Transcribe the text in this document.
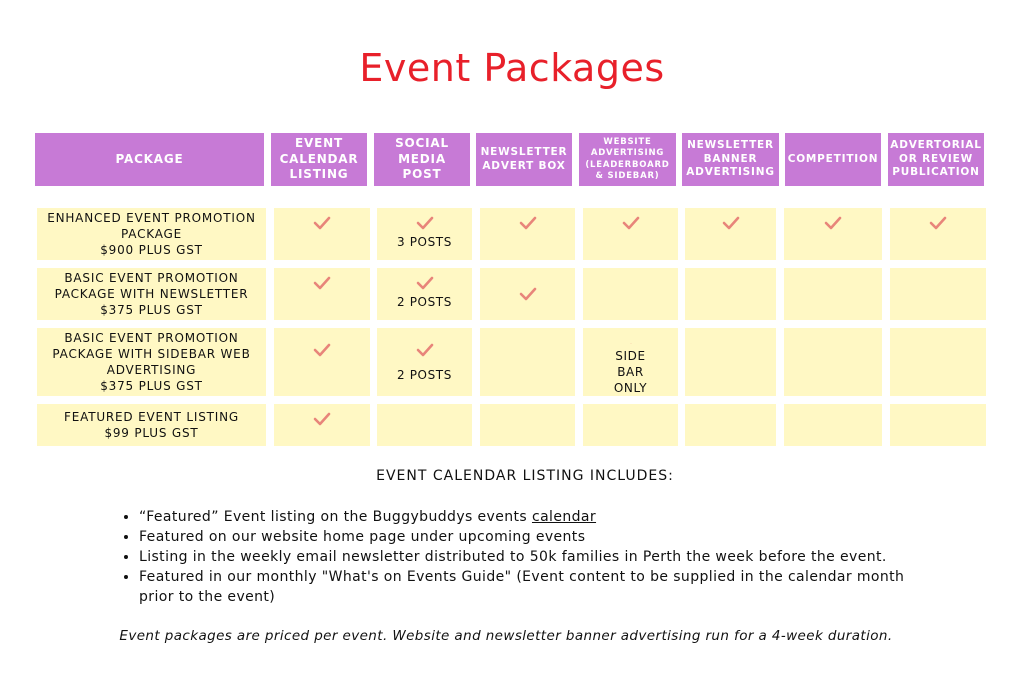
Event Packages
PACKAGE
EVENT CALENDAR LISTING
SOCIAL MEDIA POST
NEWSLETTER ADVERT BOX
WEBSITE ADVERTISING (LEADERBOARD & SIDEBAR)
NEWSLETTER BANNER ADVERTISING
COMPETITION
ADVERTORIAL OR REVIEW PUBLICATION
ENHANCED EVENT PROMOTION PACKAGE
$900 PLUS GST
3 POSTS
BASIC EVENT PROMOTION PACKAGE WITH NEWSLETTER
$375 PLUS GST
2 POSTS
BASIC EVENT PROMOTION PACKAGE WITH SIDEBAR WEB ADVERTISING
$375 PLUS GST
2 POSTS
SIDE BAR ONLY
FEATURED EVENT LISTING
$99 PLUS GST
EVENT CALENDAR LISTING INCLUDES:
• “Featured” Event listing on the Buggybuddys events calendar
• Featured on our website home page under upcoming events
• Listing in the weekly email newsletter distributed to 50k families in Perth the week before the event.
• Featured in our monthly "What's on Events Guide" (Event content to be supplied in the calendar month prior to the event)
Event packages are priced per event. Website and newsletter banner advertising run for a 4-week duration.
